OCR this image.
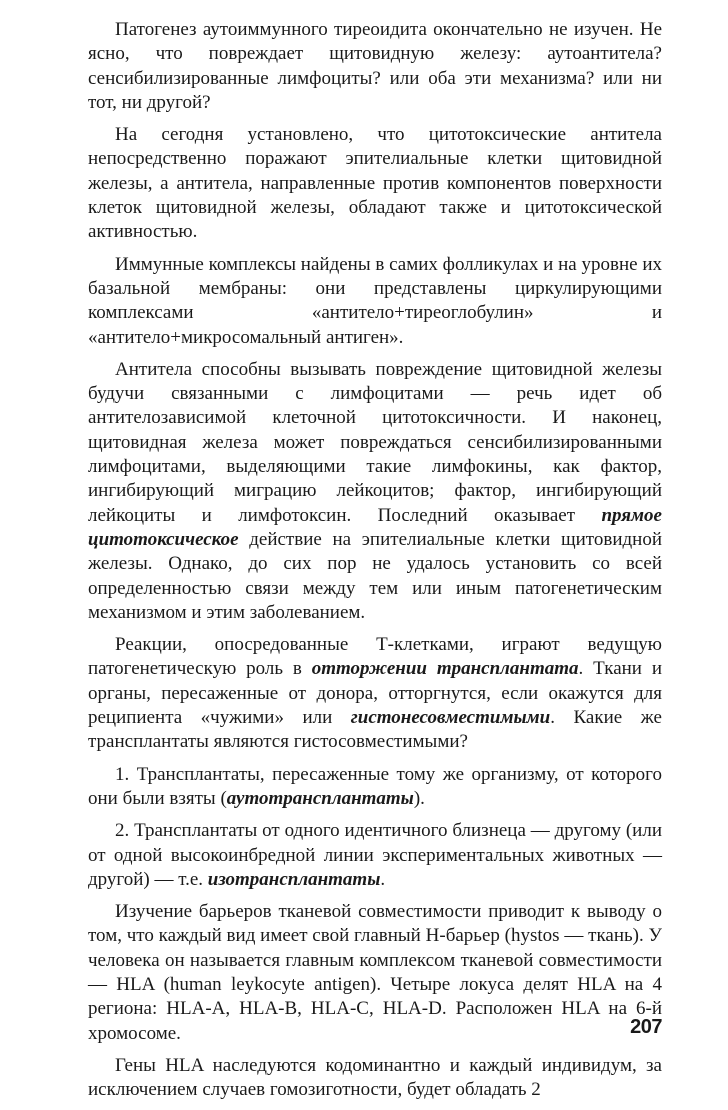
Патогенез аутоиммунного тиреоидита окончательно не изучен. Не ясно, что повреждает щитовидную железу: аутоантитела? сенсибилизированные лимфоциты? или оба эти механизма? или ни тот, ни другой?

На сегодня установлено, что цитотоксические антитела непосредственно поражают эпителиальные клетки щитовидной железы, а антитела, направленные против компонентов поверхности клеток щитовидной железы, обладают также и цитотоксической активностью.

Иммунные комплексы найдены в самих фолликулах и на уровне их базальной мембраны: они представлены циркулирующими комплексами «антитело+тиреоглобулин» и «антитело+микросомальный антиген».

Антитела способны вызывать повреждение щитовидной железы будучи связанными с лимфоцитами — речь идет об антителозависимой клеточной цитотоксичности. И наконец, щитовидная железа может повреждаться сенсибилизированными лимфоцитами, выделяющими такие лимфокины, как фактор, ингибирующий миграцию лейкоцитов; фактор, ингибирующий лейкоциты и лимфотоксин. Последний оказывает прямое цитотоксическое действие на эпителиальные клетки щитовидной железы. Однако, до сих пор не удалось установить со всей определенностью связи между тем или иным патогенетическим механизмом и этим заболеванием.

Реакции, опосредованные Т-клетками, играют ведущую патогенетическую роль в отторжении трансплантата. Ткани и органы, пересаженные от донора, отторгнутся, если окажутся для реципиента «чужими» или гистонесовместимыми. Какие же трансплантаты являются гистосовместимыми?

1. Трансплантаты, пересаженные тому же организму, от которого они были взяты (аутотрансплантаты).

2. Трансплантаты от одного идентичного близнеца — другому (или от одной высокоинбредной линии экспериментальных животных — другой) — т.е. изотрансплантаты.

Изучение барьеров тканевой совместимости приводит к выводу о том, что каждый вид имеет свой главный Н-барьер (hystos — ткань). У человека он называется главным комплексом тканевой совместимости — HLA (human leykocyte antigen). Четыре локуса делят HLA на 4 региона: HLA-A, HLA-B, HLA-C, HLA-D. Расположен HLA на 6-й хромосоме.

Гены HLA наследуются кодоминантно и каждый индивидум, за исключением случаев гомозиготности, будет обладать 2

207
